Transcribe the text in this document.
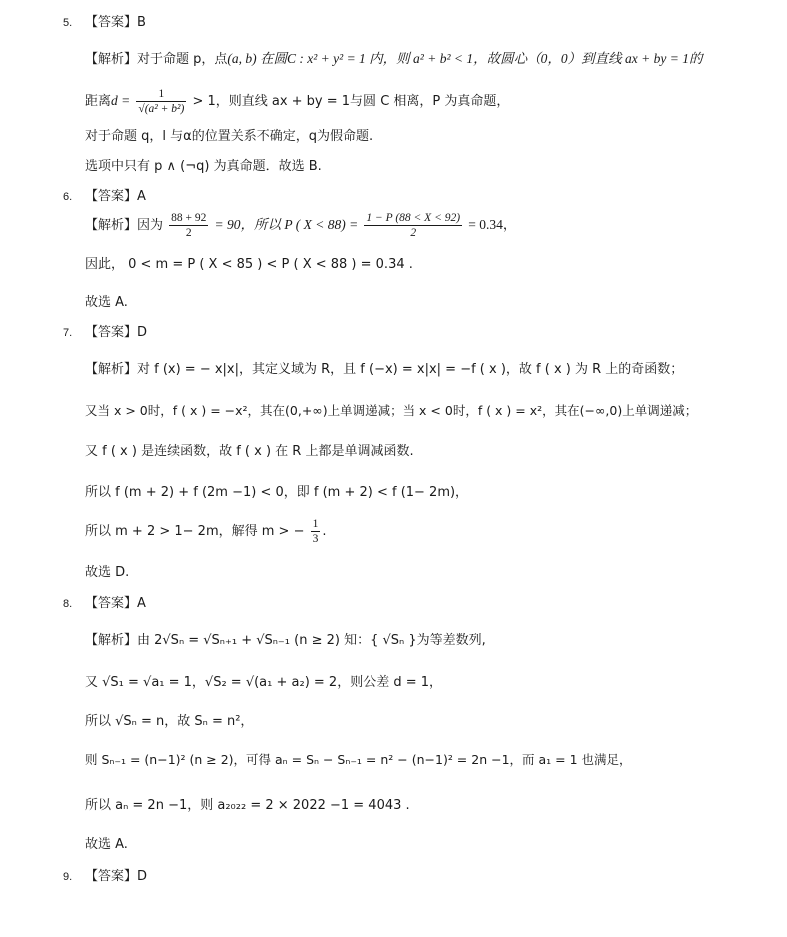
5. 【答案】B
【解析】对于命题 p，点(a, b) 在圆C : x² + y² = 1 内，则 a² + b² < 1，故圆心（0，0）到直线 ax + by = 1的
距离$d = \frac{1}{\text{√(a² + b²)}} > 1$，则直线 ax + by = 1与圆 C 相离，P 为真命题，
对于命题 q，l 与α的位置关系不确定，q为假命题.
选项中只有 p ∧ (¬q) 为真命题．故选 B.
6. 【答案】A
【解析】因为 $\frac{88 + 92}{2} = 90$，所以 P ( $X < 88) = \frac{1 - P (88 < X < 92)}{2} = 0.34$，
因此， 0 < m = P ( X < 85 ) < P ( X < 88 ) = 0.34 .
故选 A.
7. 【答案】D
【解析】对 f (x) = − x|x|，其定义域为 R，且 f (−x) = x|x| = −f ( x )，故 f ( x ) 为 R 上的奇函数；
又当 x > 0时，f ( x ) = −x²，其在(0,+∞)上单调递减；当 x < 0时，f ( x ) = x²，其在(−∞,0)上单调递减；
又 f ( x ) 是连续函数，故 f ( x ) 在 R 上都是单调减函数.
所以 f (m + 2) + f (2m −1) < 0，即 f (m + 2) < f (1− 2m)，
所以 m + 2 > 1− 2m，解得 m > − $\frac{1}{3}$ .
故选 D.
8. 【答案】A
【解析】由 2√Sₙ = √Sₙ₊₁ + √Sₙ₋₁ (n ≥ 2) 知：{ √Sₙ }为等差数列,
又 √S₁ = √a₁ = 1，√S₂ = √(a₁ + a₂) = 2，则公差 d = 1，
所以 √Sₙ = n，故 Sₙ = n²，
则 Sₙ₋₁ = (n−1)² (n ≥ 2)，可得 aₙ = Sₙ − Sₙ₋₁ = n² − (n−1)² = 2n −1，而 a₁ = 1 也满足，
所以 aₙ = 2n −1，则 a₂₀₂₂ = 2 × 2022 −1 = 4043 .
故选 A.
9. 【答案】D
